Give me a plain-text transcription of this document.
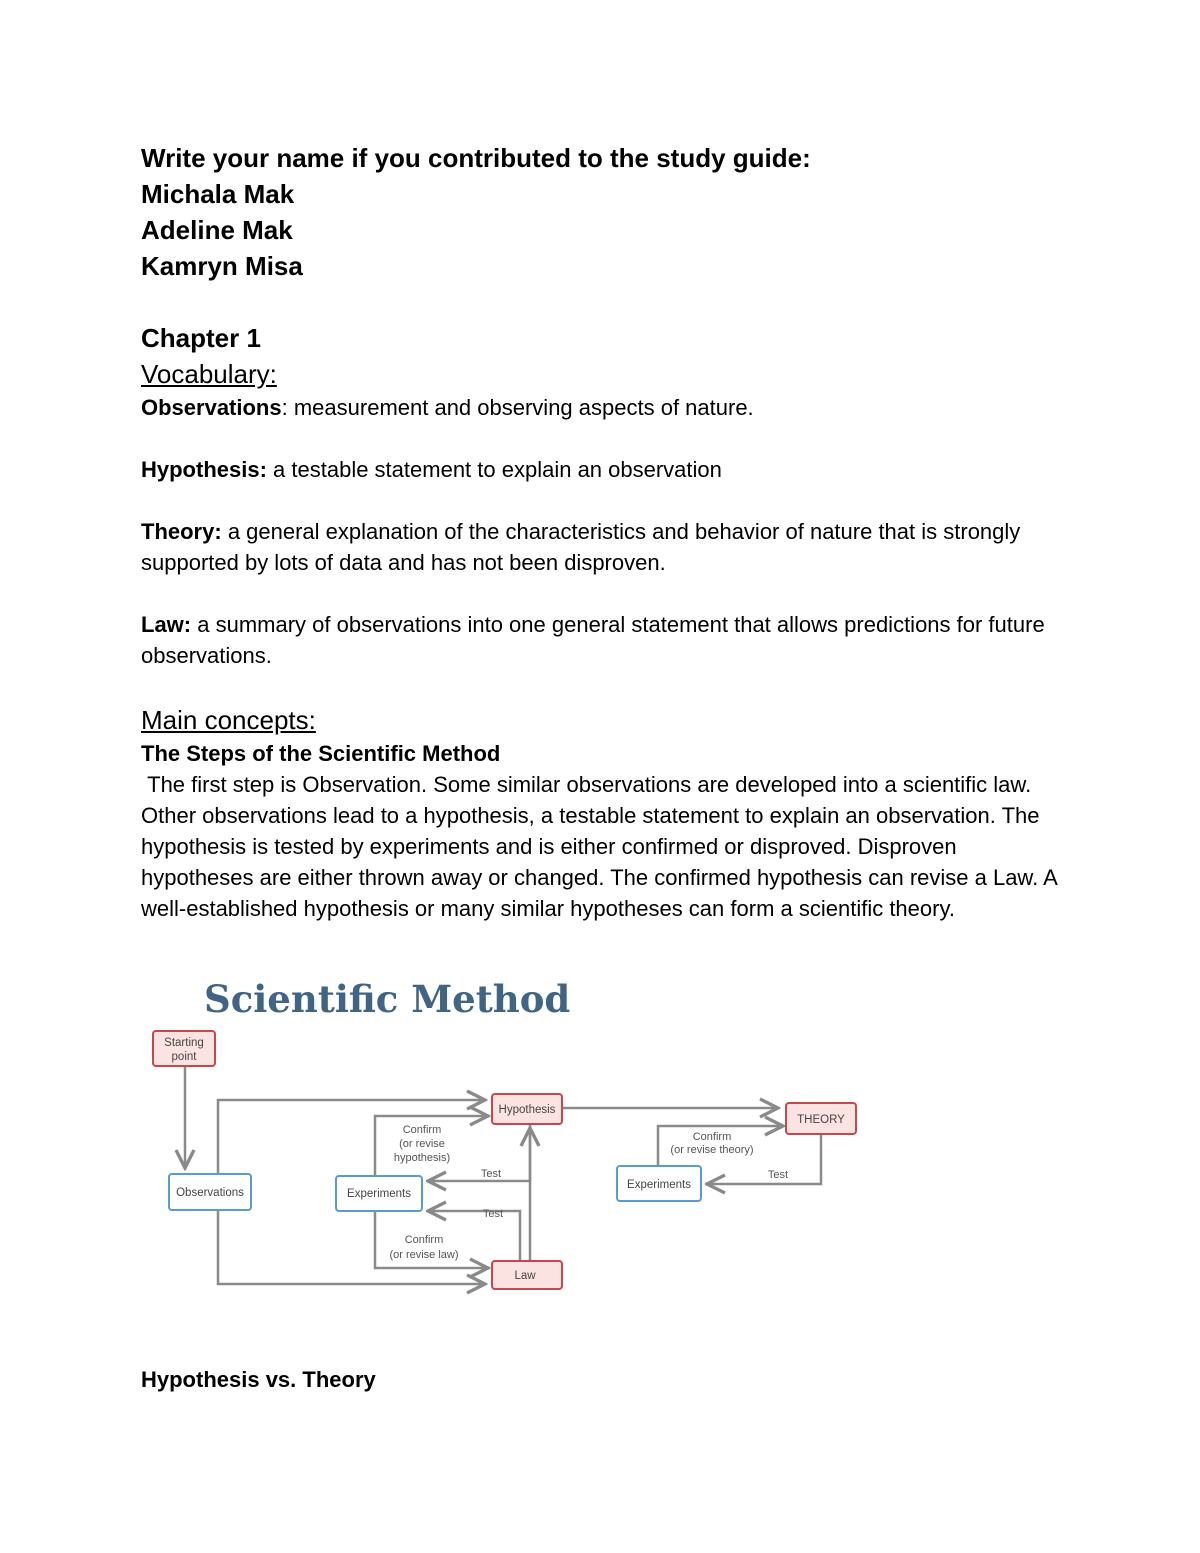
Write your name if you contributed to the study guide:

Michala Mak

Adeline Mak

Kamryn Misa

Chapter 1

Vocabulary:

Observations: measurement and observing aspects of nature.

Hypothesis: a testable statement to explain an observation

Theory: a general explanation of the characteristics and behavior of nature that is strongly supported by lots of data and has not been disproven.

Law: a summary of observations into one general statement that allows predictions for future observations.

Main concepts:

The Steps of the Scientific Method

The first step is Observation. Some similar observations are developed into a scientific law. Other observations lead to a hypothesis, a testable statement to explain an observation. The hypothesis is tested by experiments and is either confirmed or disproved. Disproven hypotheses are either thrown away or changed. The confirmed hypothesis can revise a Law. A well-established hypothesis or many similar hypotheses can form a scientific theory.

Scientific Method
Starting
point
Observations
Hypothesis
THEORY
Experiments
Experiments
Law
Confirm
(or revise
hypothesis)
Test
Test
Confirm
(or revise law)
Confirm
(or revise theory)
Test

Hypothesis vs. Theory
